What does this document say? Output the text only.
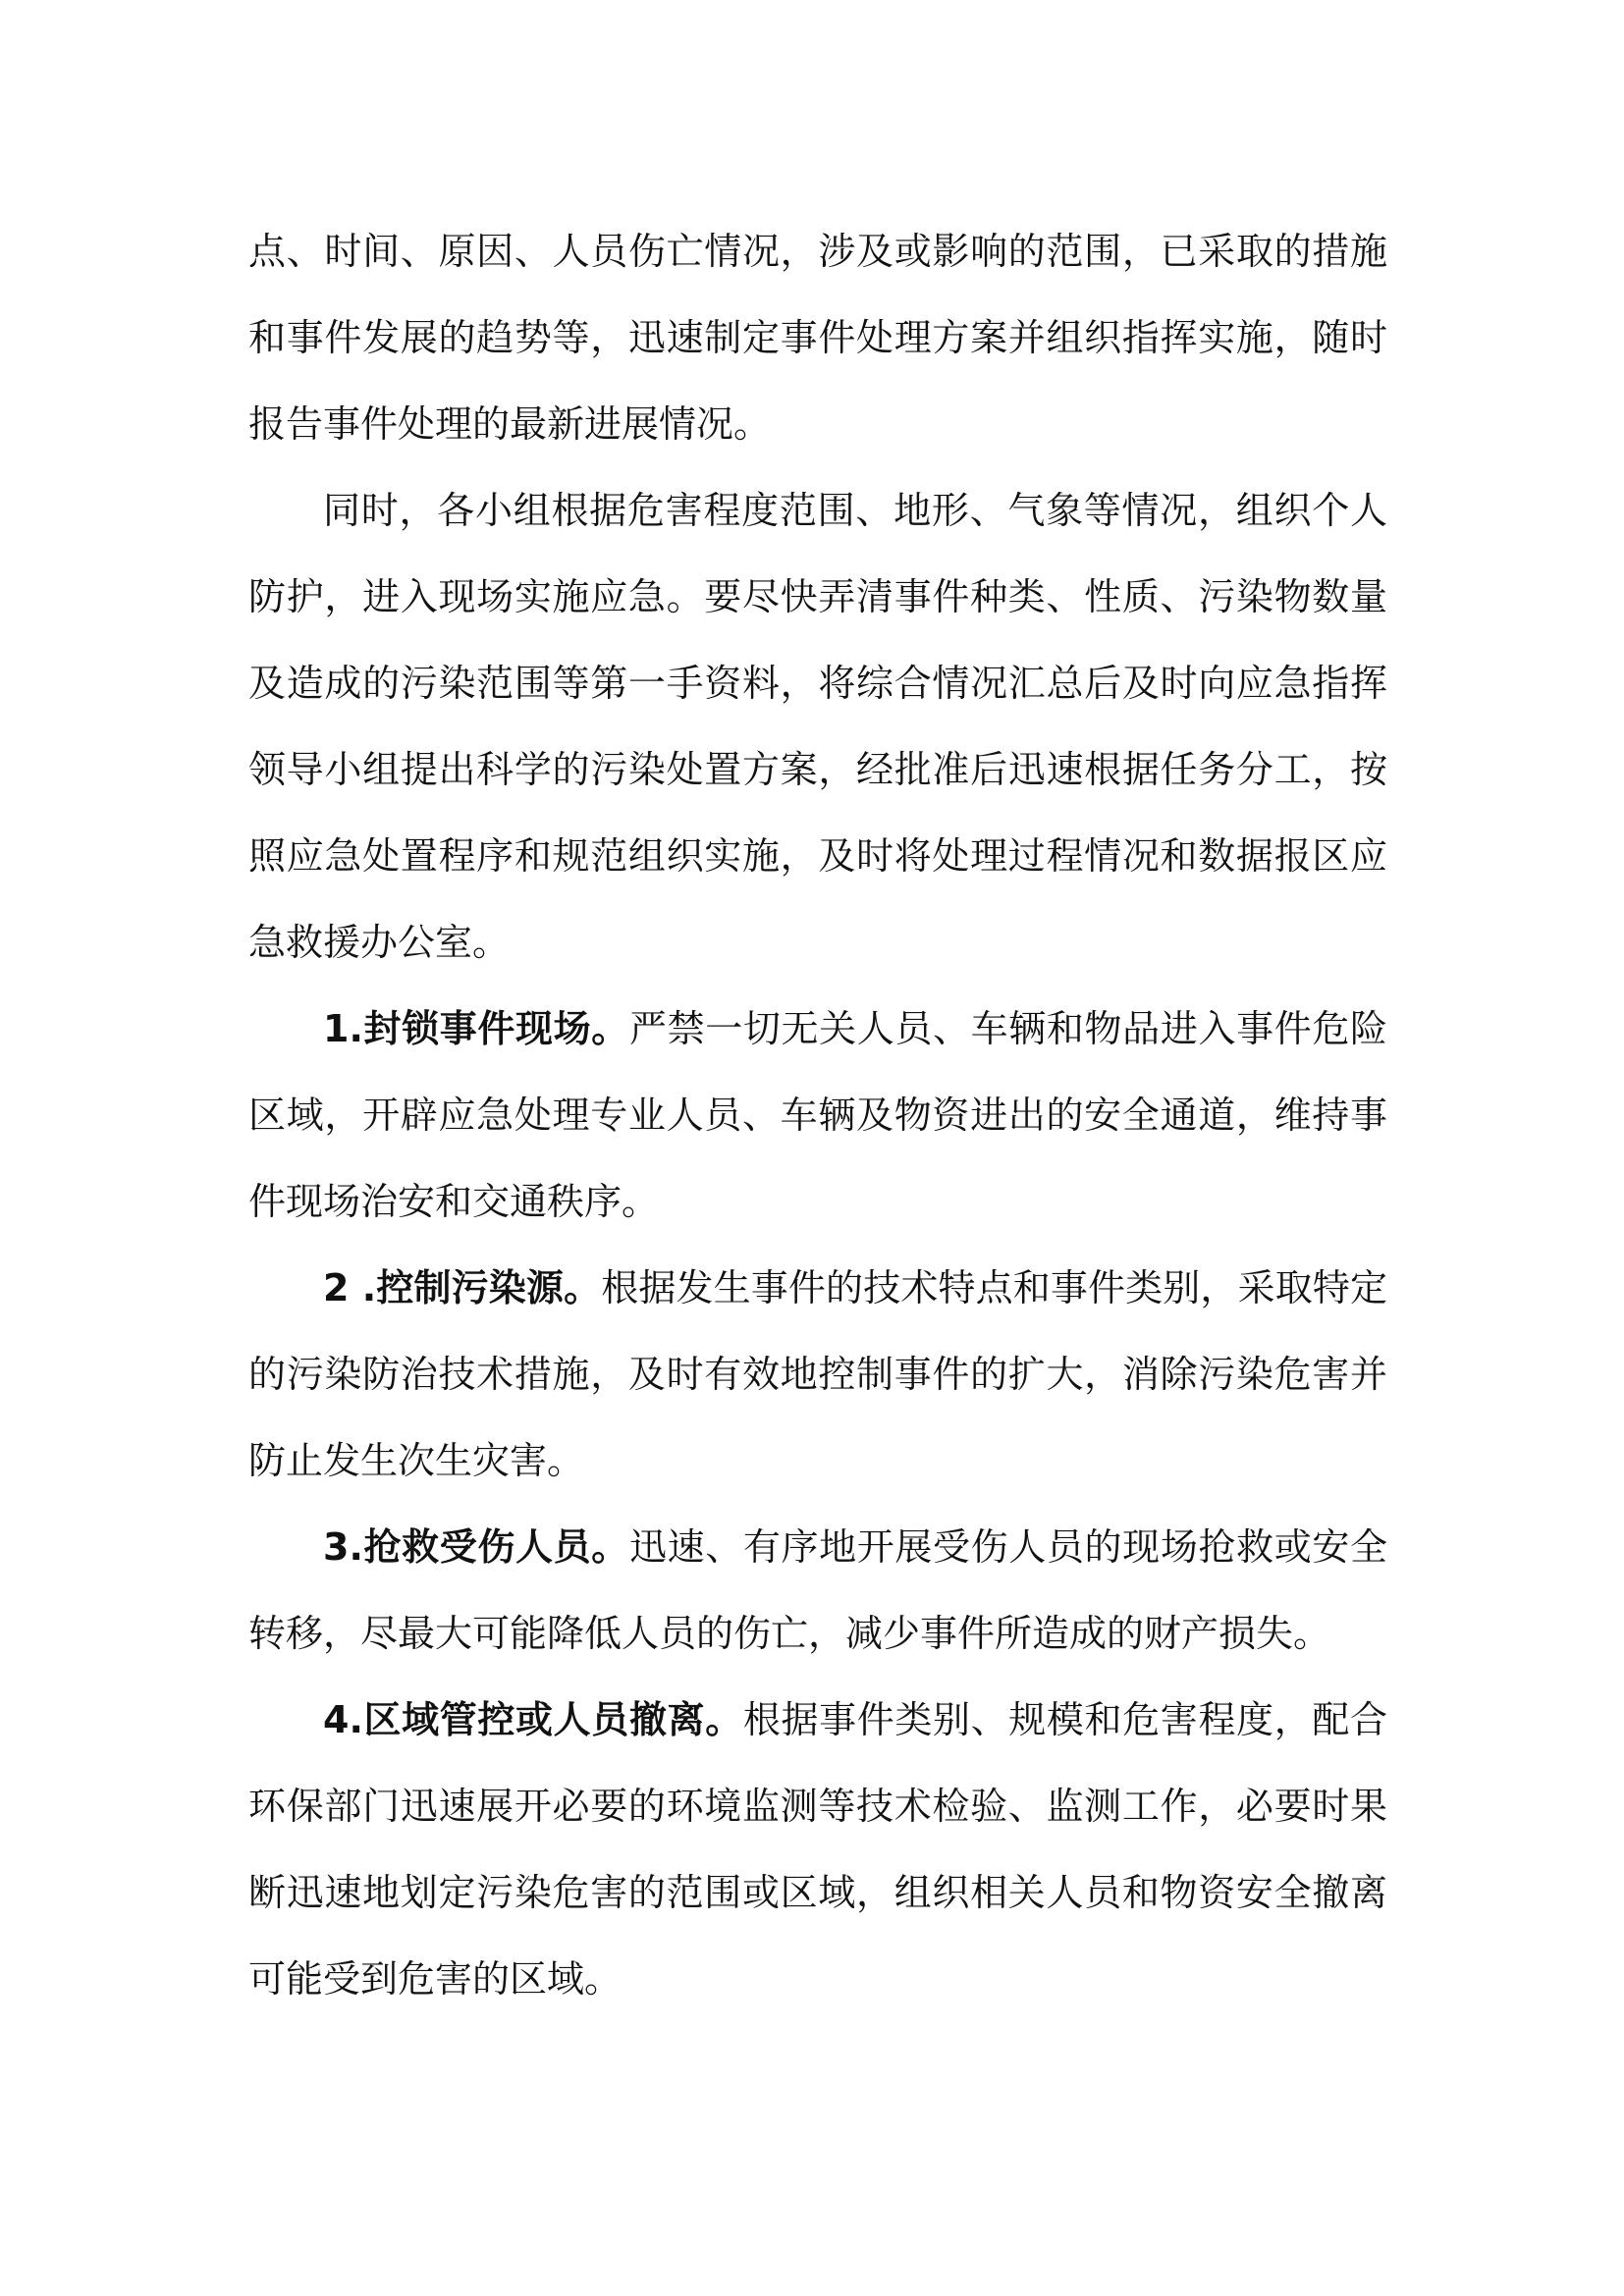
点、时间、原因、人员伤亡情况，涉及或影响的范围，已采取的措施和事件发展的趋势等，迅速制定事件处理方案并组织指挥实施，随时报告事件处理的最新进展情况。

同时，各小组根据危害程度范围、地形、气象等情况，组织个人防护，进入现场实施应急。要尽快弄清事件种类、性质、污染物数量及造成的污染范围等第一手资料，将综合情况汇总后及时向应急指挥领导小组提出科学的污染处置方案，经批准后迅速根据任务分工，按照应急处置程序和规范组织实施，及时将处理过程情况和数据报区应急救援办公室。

1.封锁事件现场。严禁一切无关人员、车辆和物品进入事件危险区域，开辟应急处理专业人员、车辆及物资进出的安全通道，维持事件现场治安和交通秩序。

2 .控制污染源。根据发生事件的技术特点和事件类别，采取特定的污染防治技术措施，及时有效地控制事件的扩大，消除污染危害并防止发生次生灾害。

3.抢救受伤人员。迅速、有序地开展受伤人员的现场抢救或安全转移，尽最大可能降低人员的伤亡，减少事件所造成的财产损失。

4.区域管控或人员撤离。根据事件类别、规模和危害程度，配合环保部门迅速展开必要的环境监测等技术检验、监测工作，必要时果断迅速地划定污染危害的范围或区域，组织相关人员和物资安全撤离可能受到危害的区域。
